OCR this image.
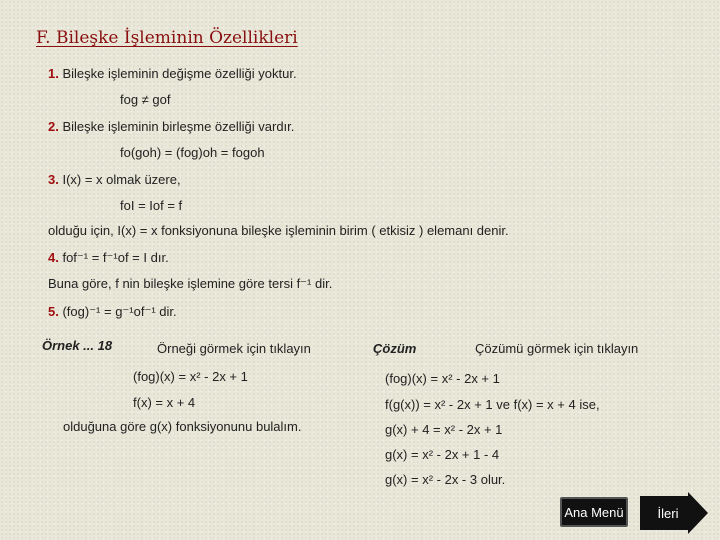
F. Bileşke İşleminin Özellikleri
1. Bileşke işleminin değişme özelliği yoktur.
fog ≠ gof
2. Bileşke işleminin birleşme özelliği vardır.
fo(goh) = (fog)oh = fogoh
3. I(x) = x olmak üzere,
foI = Iof = f
olduğu için, I(x) = x fonksiyonuna bileşke işleminin birim ( etkisiz ) elemanı denir.
4. fof⁻¹ = f⁻¹of = I dır.
Buna göre, f nin bileşke işlemine göre tersi f⁻¹ dir.
5. (fog)⁻¹ = g⁻¹of⁻¹ dir.
Örnek ... 18	Örneği görmek için tıklayın	Çözüm	Çözümü görmek için tıklayın
(fog)(x) = x² - 2x + 1
f(x) = x + 4
olduğuna göre g(x) fonksiyonunu bulalım.
(fog)(x) = x² - 2x + 1
f(g(x)) = x² - 2x + 1 ve f(x) = x + 4 ise,
g(x) + 4 = x² - 2x + 1
g(x) = x² - 2x + 1 - 4
g(x) = x² - 2x - 3 olur.
Ana Menü	İleri
